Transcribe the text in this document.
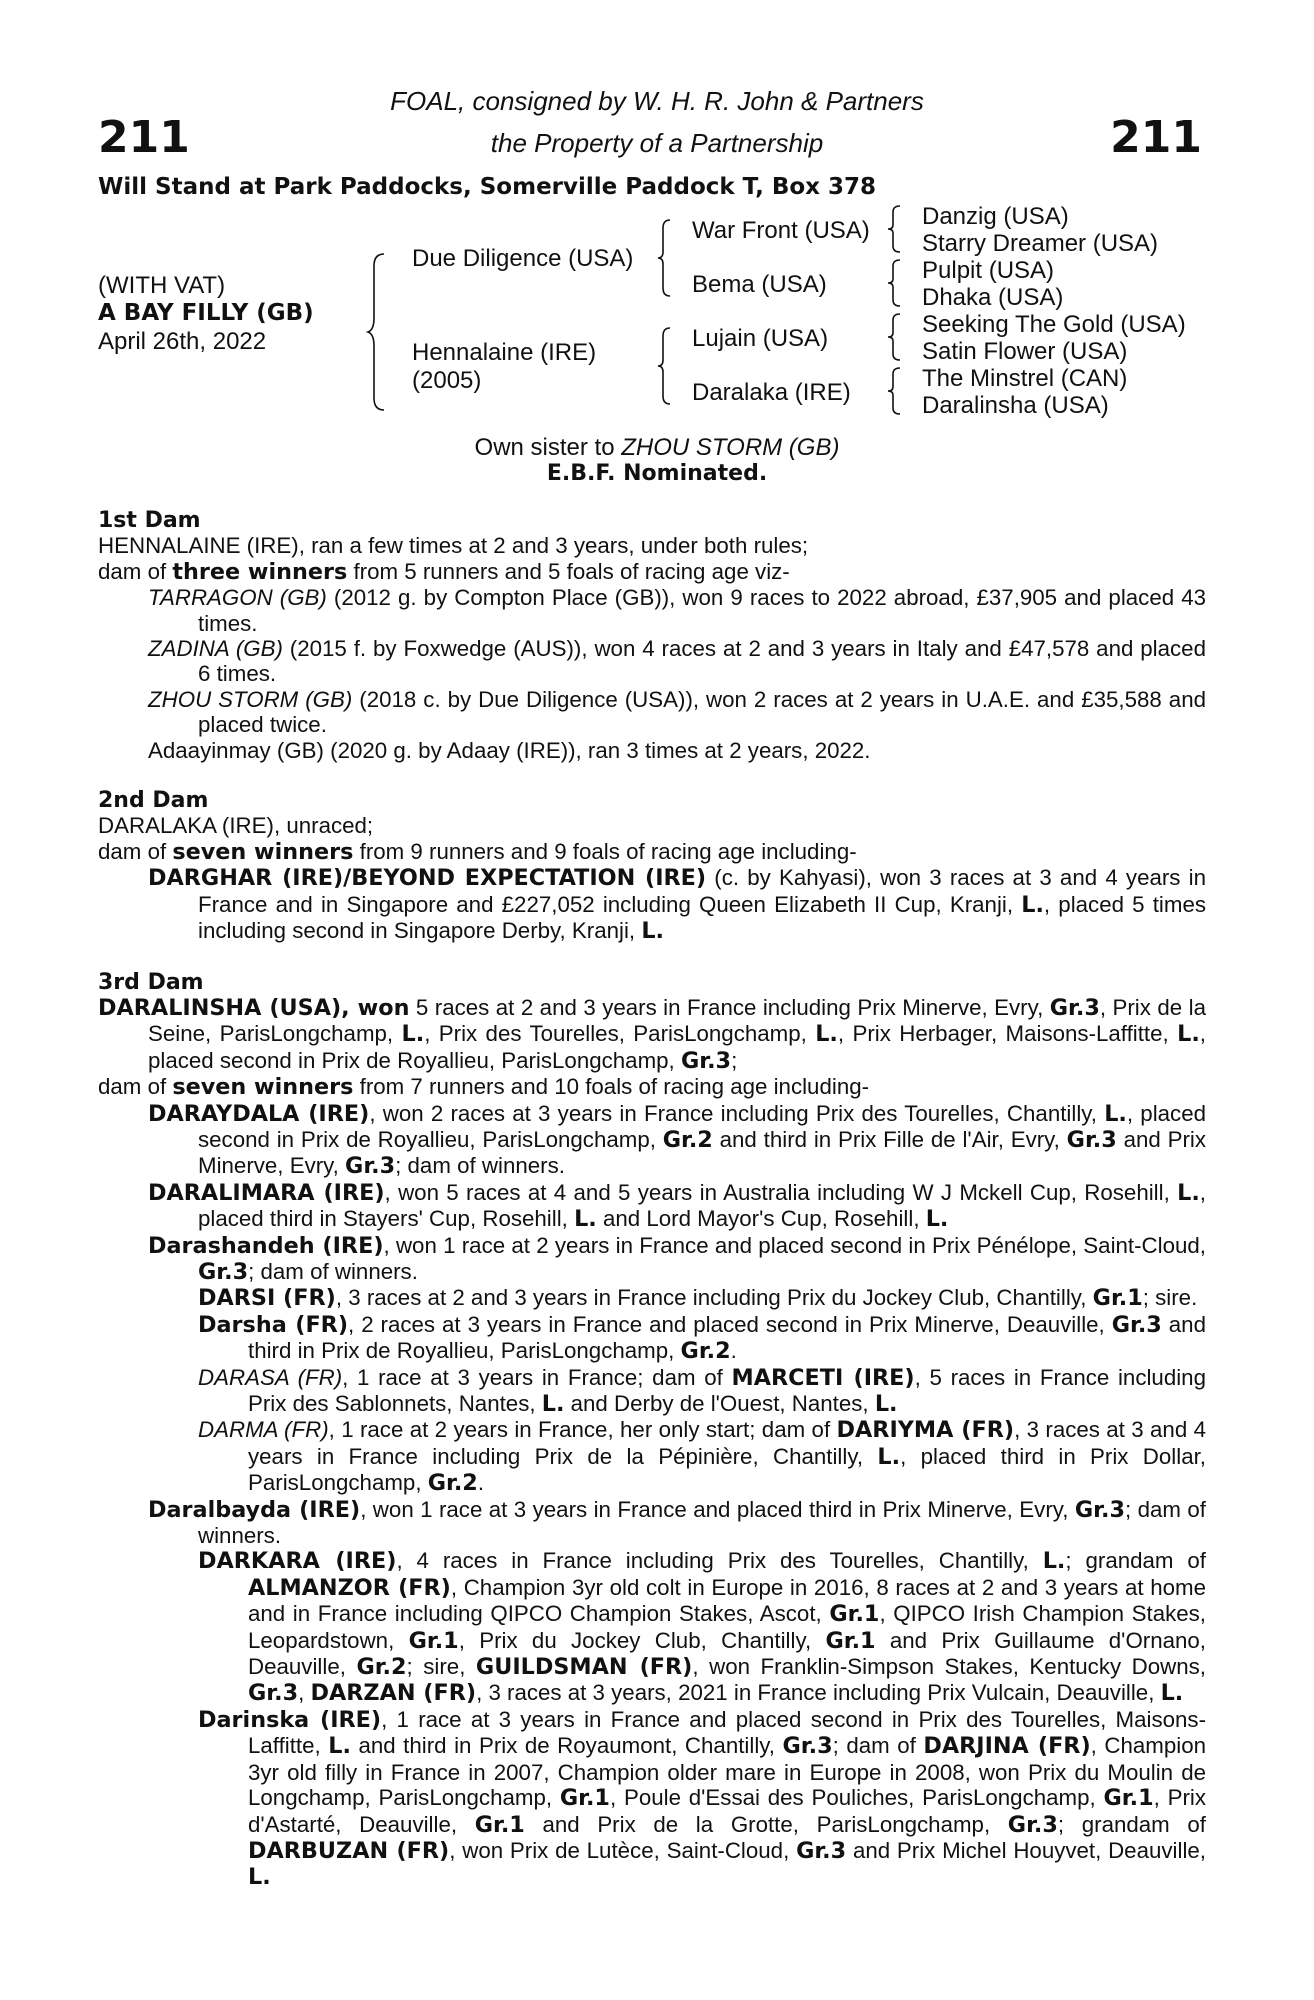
211	211
FOAL, consigned by W. H. R. John & Partners
the Property of a Partnership
Will Stand at Park Paddocks, Somerville Paddock T, Box 378
(WITH VAT)
A BAY FILLY (GB)
April 26th, 2022
Due Diligence (USA)
Hennalaine (IRE)
(2005)
War Front (USA)
Bema (USA)
Lujain (USA)
Daralaka (IRE)
Danzig (USA)
Starry Dreamer (USA)
Pulpit (USA)
Dhaka (USA)
Seeking The Gold (USA)
Satin Flower (USA)
The Minstrel (CAN)
Daralinsha (USA)
Own sister to ZHOU STORM (GB)
E.B.F. Nominated.

1st Dam

HENNALAINE (IRE), ran a few times at 2 and 3 years, under both rules;

dam of three winners from 5 runners and 5 foals of racing age viz-

TARRAGON (GB) (2012 g. by Compton Place (GB)), won 9 races to 2022 abroad, £37,905 and placed 43 times.

ZADINA (GB) (2015 f. by Foxwedge (AUS)), won 4 races at 2 and 3 years in Italy and £47,578 and placed 6 times.

ZHOU STORM (GB) (2018 c. by Due Diligence (USA)), won 2 races at 2 years in U.A.E. and £35,588 and placed twice.

Adaayinmay (GB) (2020 g. by Adaay (IRE)), ran 3 times at 2 years, 2022.

2nd Dam

DARALAKA (IRE), unraced;

dam of seven winners from 9 runners and 9 foals of racing age including-

DARGHAR (IRE)/BEYOND EXPECTATION (IRE) (c. by Kahyasi), won 3 races at 3 and 4 years in France and in Singapore and £227,052 including Queen Elizabeth II Cup, Kranji, L., placed 5 times including second in Singapore Derby, Kranji, L.

3rd Dam

DARALINSHA (USA), won 5 races at 2 and 3 years in France including Prix Minerve, Evry, Gr.3, Prix de la Seine, ParisLongchamp, L., Prix des Tourelles, ParisLongchamp, L., Prix Herbager, Maisons-Laffitte, L., placed second in Prix de Royallieu, ParisLongchamp, Gr.3;

dam of seven winners from 7 runners and 10 foals of racing age including-

DARAYDALA (IRE), won 2 races at 3 years in France including Prix des Tourelles, Chantilly, L., placed second in Prix de Royallieu, ParisLongchamp, Gr.2 and third in Prix Fille de l'Air, Evry, Gr.3 and Prix Minerve, Evry, Gr.3; dam of winners.

DARALIMARA (IRE), won 5 races at 4 and 5 years in Australia including W J Mckell Cup, Rosehill, L., placed third in Stayers' Cup, Rosehill, L. and Lord Mayor's Cup, Rosehill, L.

Darashandeh (IRE), won 1 race at 2 years in France and placed second in Prix Pénélope, Saint-Cloud, Gr.3; dam of winners.

DARSI (FR), 3 races at 2 and 3 years in France including Prix du Jockey Club, Chantilly, Gr.1; sire.

Darsha (FR), 2 races at 3 years in France and placed second in Prix Minerve, Deauville, Gr.3 and third in Prix de Royallieu, ParisLongchamp, Gr.2.

DARASA (FR), 1 race at 3 years in France; dam of MARCETI (IRE), 5 races in France including Prix des Sablonnets, Nantes, L. and Derby de l'Ouest, Nantes, L.

DARMA (FR), 1 race at 2 years in France, her only start; dam of DARIYMA (FR), 3 races at 3 and 4 years in France including Prix de la Pépinière, Chantilly, L., placed third in Prix Dollar, ParisLongchamp, Gr.2.

Daralbayda (IRE), won 1 race at 3 years in France and placed third in Prix Minerve, Evry, Gr.3; dam of winners.

DARKARA (IRE), 4 races in France including Prix des Tourelles, Chantilly, L.; grandam of ALMANZOR (FR), Champion 3yr old colt in Europe in 2016, 8 races at 2 and 3 years at home and in France including QIPCO Champion Stakes, Ascot, Gr.1, QIPCO Irish Champion Stakes, Leopardstown, Gr.1, Prix du Jockey Club, Chantilly, Gr.1 and Prix Guillaume d'Ornano, Deauville, Gr.2; sire, GUILDSMAN (FR), won Franklin-Simpson Stakes, Kentucky Downs, Gr.3, DARZAN (FR), 3 races at 3 years, 2021 in France including Prix Vulcain, Deauville, L.

Darinska (IRE), 1 race at 3 years in France and placed second in Prix des Tourelles, Maisons-Laffitte, L. and third in Prix de Royaumont, Chantilly, Gr.3; dam of DARJINA (FR), Champion 3yr old filly in France in 2007, Champion older mare in Europe in 2008, won Prix du Moulin de Longchamp, ParisLongchamp, Gr.1, Poule d'Essai des Pouliches, ParisLongchamp, Gr.1, Prix d'Astarté, Deauville, Gr.1 and Prix de la Grotte, ParisLongchamp, Gr.3; grandam of DARBUZAN (FR), won Prix de Lutèce, Saint-Cloud, Gr.3 and Prix Michel Houyvet, Deauville, L.
